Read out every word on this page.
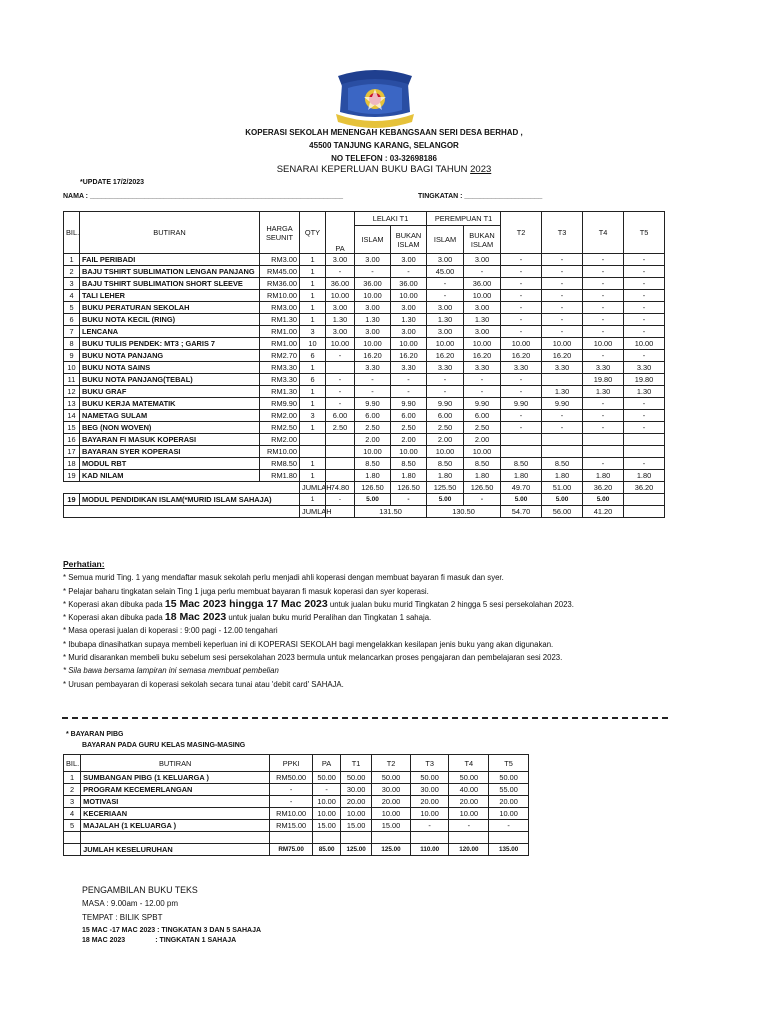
KOPERASI SEKOLAH MENENGAH KEBANGSAAN SERI DESA BERHAD ,
45500 TANJUNG KARANG, SELANGOR
NO TELEFON : 03-32698186
SENARAI KEPERLUAN BUKU BAGI TAHUN 2023
*UPDATE 17/2/2023
NAMA : _________________________________________________________________	TINGKATAN : ____________________
BIL.	BUTIRAN	HARGA SEUNIT	QTY	PA	LELAKI T1		PEREMPUAN T1		T2	T3	T4	T5
					ISLAM	BUKAN ISLAM	ISLAM	BUKAN ISLAM				
1	FAIL PERIBADI	RM3.00	1	3.00	3.00	3.00	3.00	3.00	-	-	-	-
2	BAJU TSHIRT SUBLIMATION LENGAN PANJANG	RM45.00	1	-	-	-	45.00	-	-	-	-	-
3	BAJU TSHIRT SUBLIMATION SHORT SLEEVE	RM36.00	1	36.00	36.00	36.00	-	36.00	-	-	-	-
4	TALI LEHER	RM10.00	1	10.00	10.00	10.00	-	10.00	-	-	-	-
5	BUKU PERATURAN SEKOLAH	RM3.00	1	3.00	3.00	3.00	3.00	3.00	-	-	-	-
6	BUKU NOTA KECIL (RING)	RM1.30	1	1.30	1.30	1.30	1.30	1.30	-	-	-	-
7	LENCANA	RM1.00	3	3.00	3.00	3.00	3.00	3.00	-	-	-	-
8	BUKU TULIS PENDEK: MT3 ; GARIS 7	RM1.00	10	10.00	10.00	10.00	10.00	10.00	10.00	10.00	10.00	10.00
9	BUKU NOTA PANJANG	RM2.70	6	-	16.20	16.20	16.20	16.20	16.20	16.20	-	-
10	BUKU NOTA SAINS	RM3.30	1		3.30	3.30	3.30	3.30	3.30	3.30	3.30	3.30
11	BUKU NOTA PANJANG(TEBAL)	RM3.30	6	-	-	-	-	-	-		19.80	19.80
12	BUKU GRAF	RM1.30	1	-	-	-	-	-	-	1.30	1.30	1.30
13	BUKU KERJA MATEMATIK	RM9.90	1	-	9.90	9.90	9.90	9.90	9.90	9.90	-	-
14	NAMETAG SULAM	RM2.00	3	6.00	6.00	6.00	6.00	6.00	-	-	-	-
15	BEG (NON WOVEN)	RM2.50	1	2.50	2.50	2.50	2.50	2.50	-	-	-	-
16	BAYARAN FI MASUK KOPERASI	RM2.00			2.00	2.00	2.00	2.00				
17	BAYARAN SYER KOPERASI	RM10.00			10.00	10.00	10.00	10.00				
18	MODUL RBT	RM8.50	1		8.50	8.50	8.50	8.50	8.50	8.50	-	-
19	KAD NILAM	RM1.80	1		1.80	1.80	1.80	1.80	1.80	1.80	1.80	1.80
			JUMLAH	74.80	126.50	126.50	125.50	126.50	49.70	51.00	36.20	36.20
19	MODUL PENDIDIKAN ISLAM(*MURID ISLAM SAHAJA)		1	-	5.00	-	5.00	-	5.00	5.00	5.00	
			JUMLAH		131.50		130.50		54.70	56.00	41.20	
Perhatian:
* Semua murid Ting. 1 yang mendaftar masuk sekolah perlu menjadi ahli koperasi dengan membuat bayaran fi masuk dan syer.
* Pelajar baharu tingkatan selain Ting 1 juga perlu membuat bayaran fi masuk koperasi dan syer koperasi.
* Koperasi akan dibuka pada 15 Mac 2023 hingga 17 Mac 2023 untuk jualan buku murid Tingkatan 2 hingga 5 sesi persekolahan 2023.
* Koperasi akan dibuka pada 18 Mac 2023 untuk jualan buku murid Peralihan dan Tingkatan 1 sahaja.
* Masa operasi jualan di koperasi : 9:00 pagi - 12.00 tengahari
* Ibubapa dinasihatkan supaya membeli keperluan ini di KOPERASI SEKOLAH bagi mengelakkan kesilapan jenis buku yang akan digunakan.
* Murid disarankan membeli buku sebelum sesi persekolahan 2023 bermula untuk melancarkan proses pengajaran dan pembelajaran sesi 2023.
* Sila bawa bersama lampiran ini semasa membuat pembelian
* Urusan pembayaran di koperasi sekolah secara tunai atau 'debit card' SAHAJA.
* BAYARAN PIBG
BAYARAN PADA GURU KELAS MASING-MASING
BIL.	BUTIRAN	PPKI	PA	T1	T2	T3	T4	T5
1	SUMBANGAN PIBG (1 KELUARGA )	RM50.00	50.00	50.00	50.00	50.00	50.00	50.00
2	PROGRAM KECEMERLANGAN	-	-	30.00	30.00	30.00	40.00	55.00
3	MOTIVASI	-	10.00	20.00	20.00	20.00	20.00	20.00
4	KECERIAAN	RM10.00	10.00	10.00	10.00	10.00	10.00	10.00
5	MAJALAH (1 KELUARGA )	RM15.00	15.00	15.00	15.00	-	-	-

	JUMLAH KESELURUHAN	RM75.00	85.00	125.00	125.00	110.00	120.00	135.00
PENGAMBILAN BUKU TEKS
MASA : 9.00am - 12.00 pm
TEMPAT : BILIK SPBT
15 MAC -17 MAC 2023 : TINGKATAN 3 DAN 5 SAHAJA
18 MAC 2023	: TINGKATAN 1 SAHAJA
